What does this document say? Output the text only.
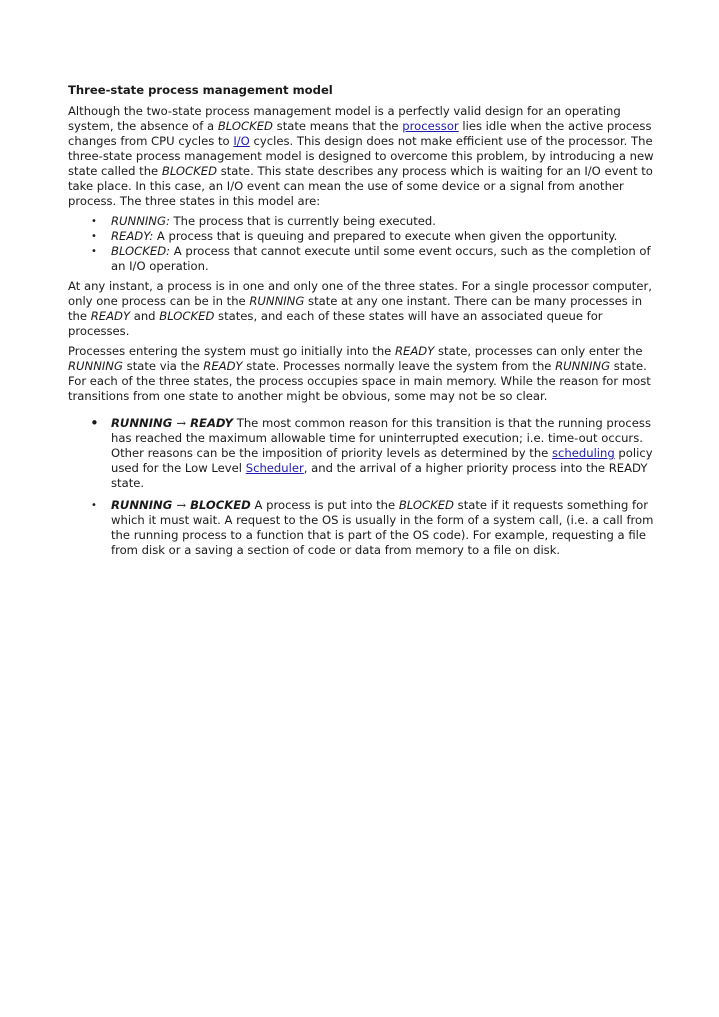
Three-state process management model

Although the two-state process management model is a perfectly valid design for an operating system, the absence of a BLOCKED state means that the processor lies idle when the active process changes from CPU cycles to I/O cycles. This design does not make efficient use of the processor. The three-state process management model is designed to overcome this problem, by introducing a new state called the BLOCKED state. This state describes any process which is waiting for an I/O event to take place. In this case, an I/O event can mean the use of some device or a signal from another process. The three states in this model are:

• RUNNING: The process that is currently being executed.
• READY: A process that is queuing and prepared to execute when given the opportunity.
• BLOCKED: A process that cannot execute until some event occurs, such as the completion of an I/O operation.

At any instant, a process is in one and only one of the three states. For a single processor computer, only one process can be in the RUNNING state at any one instant. There can be many processes in the READY and BLOCKED states, and each of these states will have an associated queue for processes.

Processes entering the system must go initially into the READY state, processes can only enter the RUNNING state via the READY state. Processes normally leave the system from the RUNNING state. For each of the three states, the process occupies space in main memory. While the reason for most transitions from one state to another might be obvious, some may not be so clear.

• RUNNING → READY The most common reason for this transition is that the running process has reached the maximum allowable time for uninterrupted execution; i.e. time-out occurs. Other reasons can be the imposition of priority levels as determined by the scheduling policy used for the Low Level Scheduler, and the arrival of a higher priority process into the READY state.
• RUNNING → BLOCKED A process is put into the BLOCKED state if it requests something for which it must wait. A request to the OS is usually in the form of a system call, (i.e. a call from the running process to a function that is part of the OS code). For example, requesting a file from disk or a saving a section of code or data from memory to a file on disk.
